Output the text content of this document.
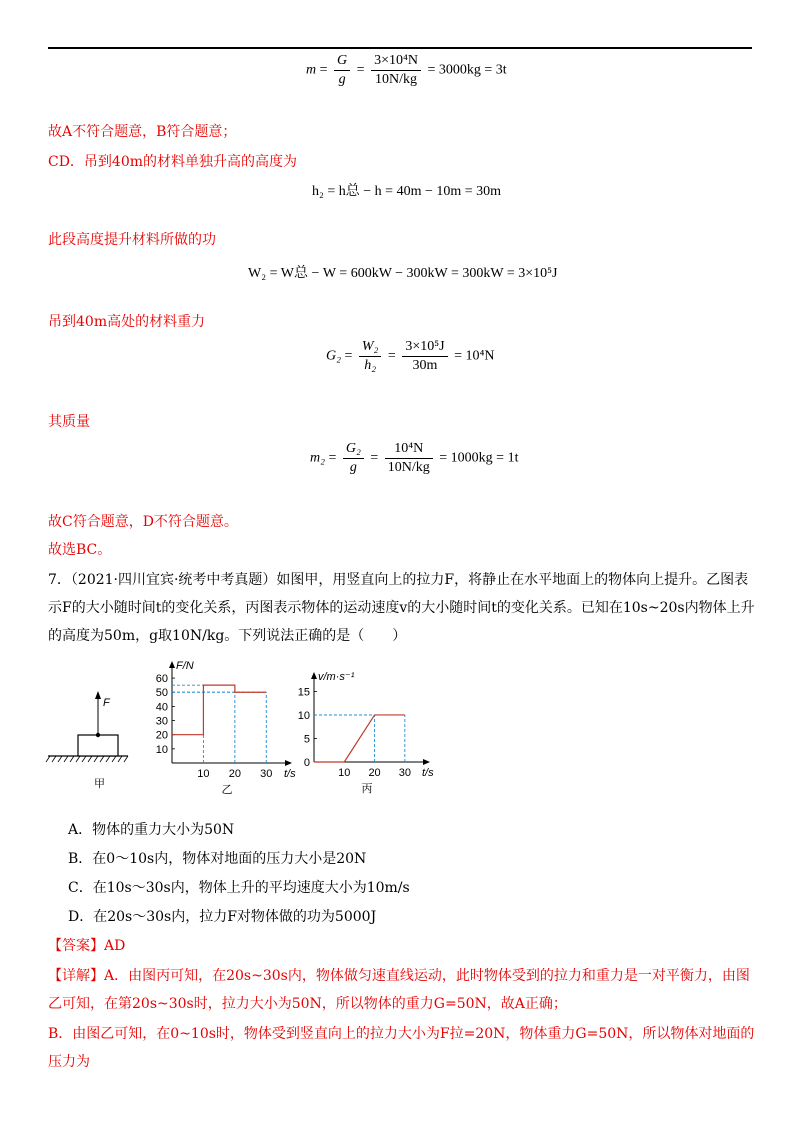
$m = \frac{G}{g} = \frac{\text{3×10⁴N}}{10N/kg} = 3000kg = 3t$
故A不符合题意，B符合题意；
CD．吊到40m的材料单独升高的高度为
h₂ = h总 − h = 40m − 10m = 30m
此段高度提升材料所做的功
W₂ = W总 − W = 600kW − 300kW = 300kW = 3×10⁵J
吊到40m高处的材料重力
$G_2 = \frac{\text{W₂}}{\text{h₂}} = \frac{\text{3×10⁵J}}{30m} = 10^4N$
其质量
$m_2 = \frac{\text{G₂}}{g} = \frac{\text{10⁴N}}{10N/kg} = 1000kg = 1t$
故C符合题意，D不符合题意。
故选BC。
7．（2021·四川宜宾·统考中考真题）如图甲，用竖直向上的拉力F，将静止在水平地面上的物体向上提升。乙图表示F的大小随时间t的变化关系，丙图表示物体的运动速度v的大小随时间t的变化关系。已知在10s~20s内物体上升的高度为50m，g取10N/kg。下列说法正确的是（　　）
F
甲
10
20
30
40
50
60
10 20 30 t/s
F/N
乙
0
5
10
15
10 20 30 t/s
v/m·s⁻¹
丙
A．物体的重力大小为50N
B．在0～10s内，物体对地面的压力大小是20N
C．在10s～30s内，物体上升的平均速度大小为10m/s
D．在20s～30s内，拉力F对物体做的功为5000J
【答案】AD
【详解】A．由图丙可知，在20s~30s内，物体做匀速直线运动，此时物体受到的拉力和重力是一对平衡力，由图乙可知，在第20s~30s时，拉力大小为50N，所以物体的重力G=50N，故A正确；
B．由图乙可知，在0~10s时，物体受到竖直向上的拉力大小为F拉=20N，物体重力G=50N，所以物体对地面的压力为
